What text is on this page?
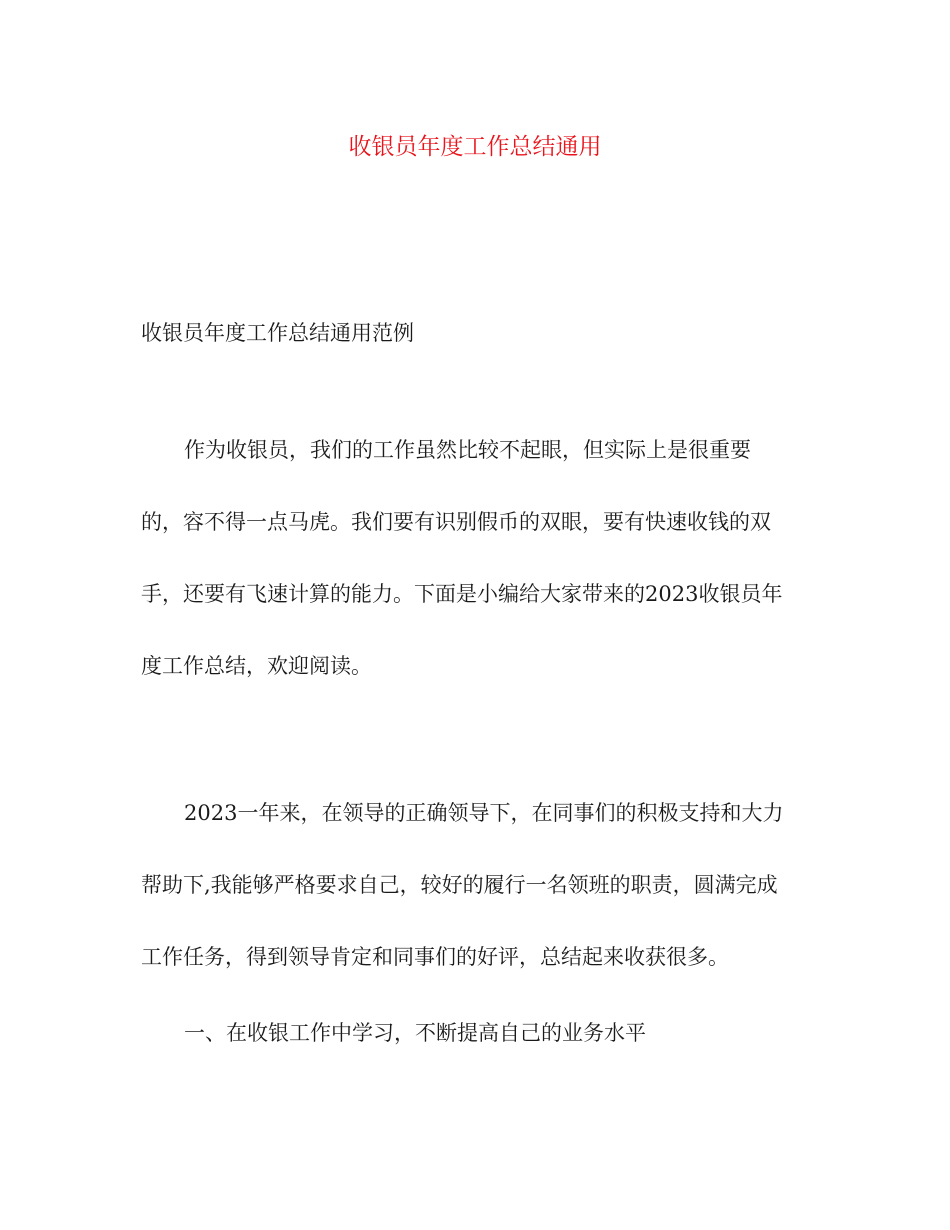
收银员年度工作总结通用

收银员年度工作总结通用范例

作为收银员，我们的工作虽然比较不起眼，但实际上是很重要
的，容不得一点马虎。我们要有识别假币的双眼，要有快速收钱的双
手，还要有飞速计算的能力。下面是小编给大家带来的2023收银员年
度工作总结，欢迎阅读。
2023一年来，在领导的正确领导下，在同事们的积极支持和大力
帮助下,我能够严格要求自己，较好的履行一名领班的职责，圆满完成
工作任务，得到领导肯定和同事们的好评，总结起来收获很多。

一、在收银工作中学习，不断提高自己的业务水平
